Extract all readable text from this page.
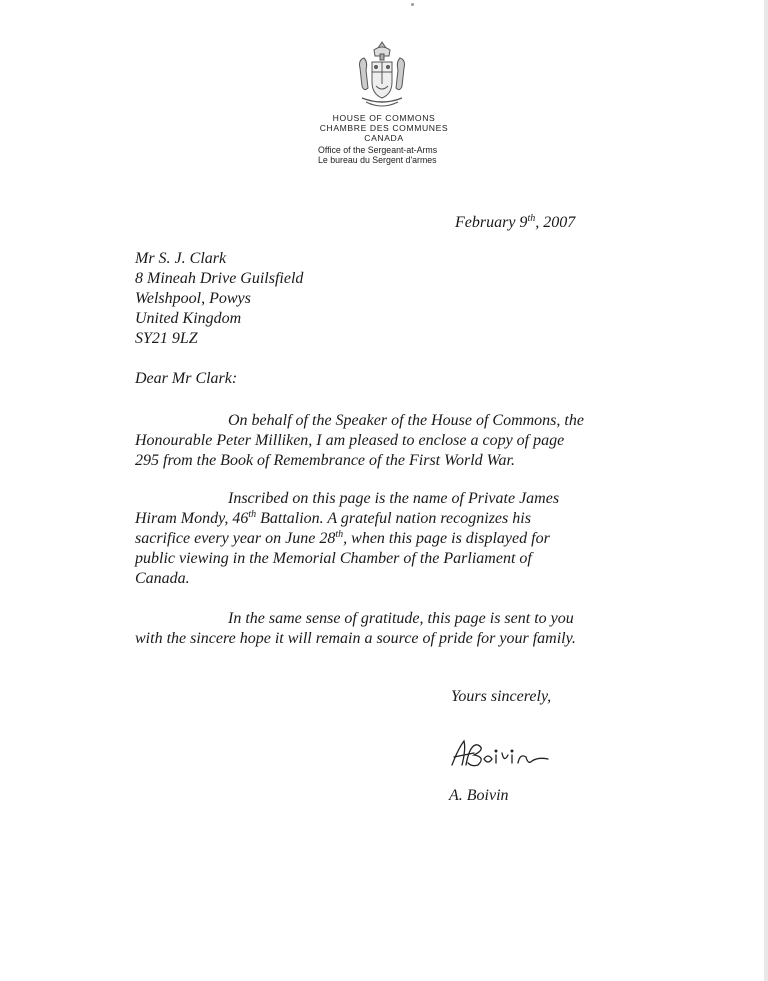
HOUSE OF COMMONS
CHAMBRE DES COMMUNES
CANADA
Office of the Sergeant-at-Arms
Le bureau du Sergent d'armes
February 9th, 2007
Mr S. J. Clark
8 Mineah Drive Guilsfield
Welshpool, Powys
United Kingdom
SY21 9LZ
Dear Mr Clark:
On behalf of the Speaker of the House of Commons, the
Honourable Peter Milliken, I am pleased to enclose a copy of page
295 from the Book of Remembrance of the First World War.
Inscribed on this page is the name of Private James
Hiram Mondy, 46th Battalion. A grateful nation recognizes his
sacrifice every year on June 28th, when this page is displayed for
public viewing in the Memorial Chamber of the Parliament of
Canada.
In the same sense of gratitude, this page is sent to you
with the sincere hope it will remain a source of pride for your family.
Yours sincerely,
A. Boivin
